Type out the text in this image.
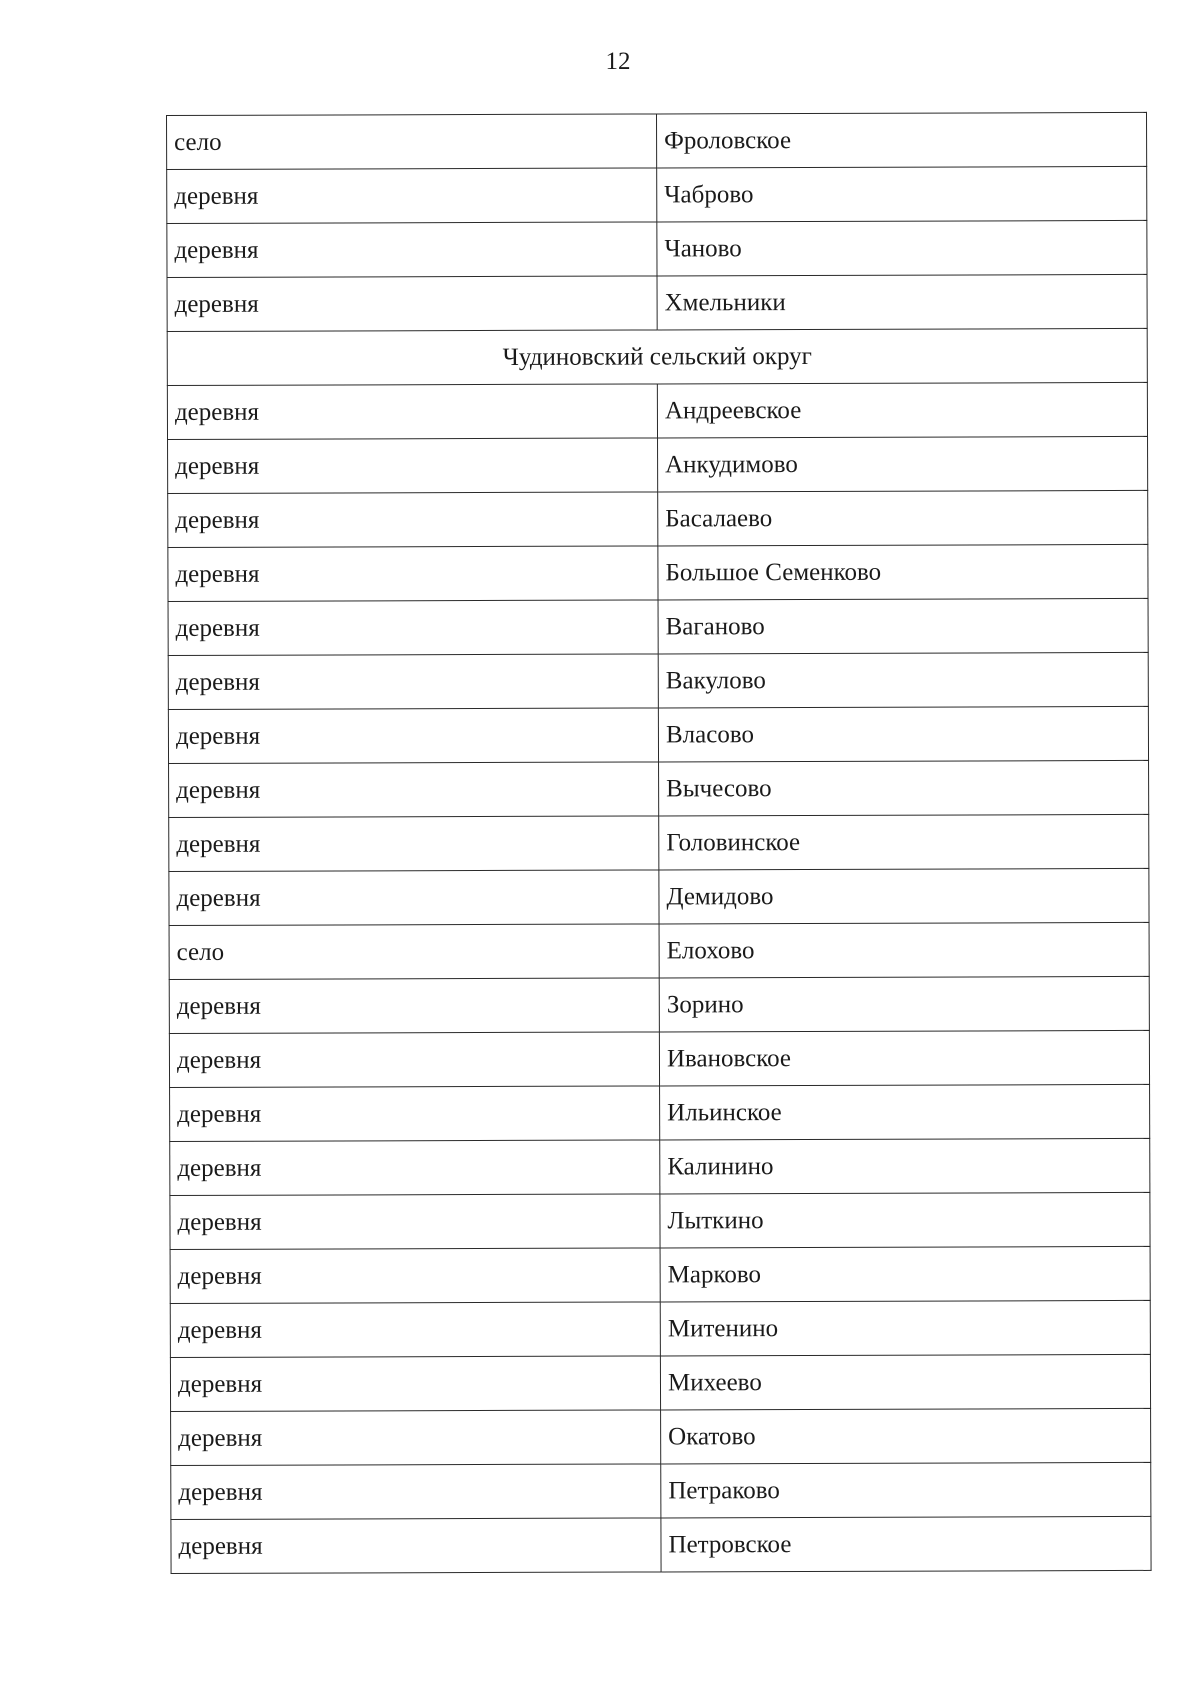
12
село	Фроловское
деревня	Чаброво
деревня	Чаново
деревня	Хмельники
Чудиновский сельский округ	
деревня	Андреевское
деревня	Анкудимово
деревня	Басалаево
деревня	Большое Семенково
деревня	Ваганово
деревня	Вакулово
деревня	Власово
деревня	Вычесово
деревня	Головинское
деревня	Демидово
село	Елохово
деревня	Зорино
деревня	Ивановское
деревня	Ильинское
деревня	Калинино
деревня	Лыткино
деревня	Марково
деревня	Митенино
деревня	Михеево
деревня	Окатово
деревня	Петраково
деревня	Петровское
